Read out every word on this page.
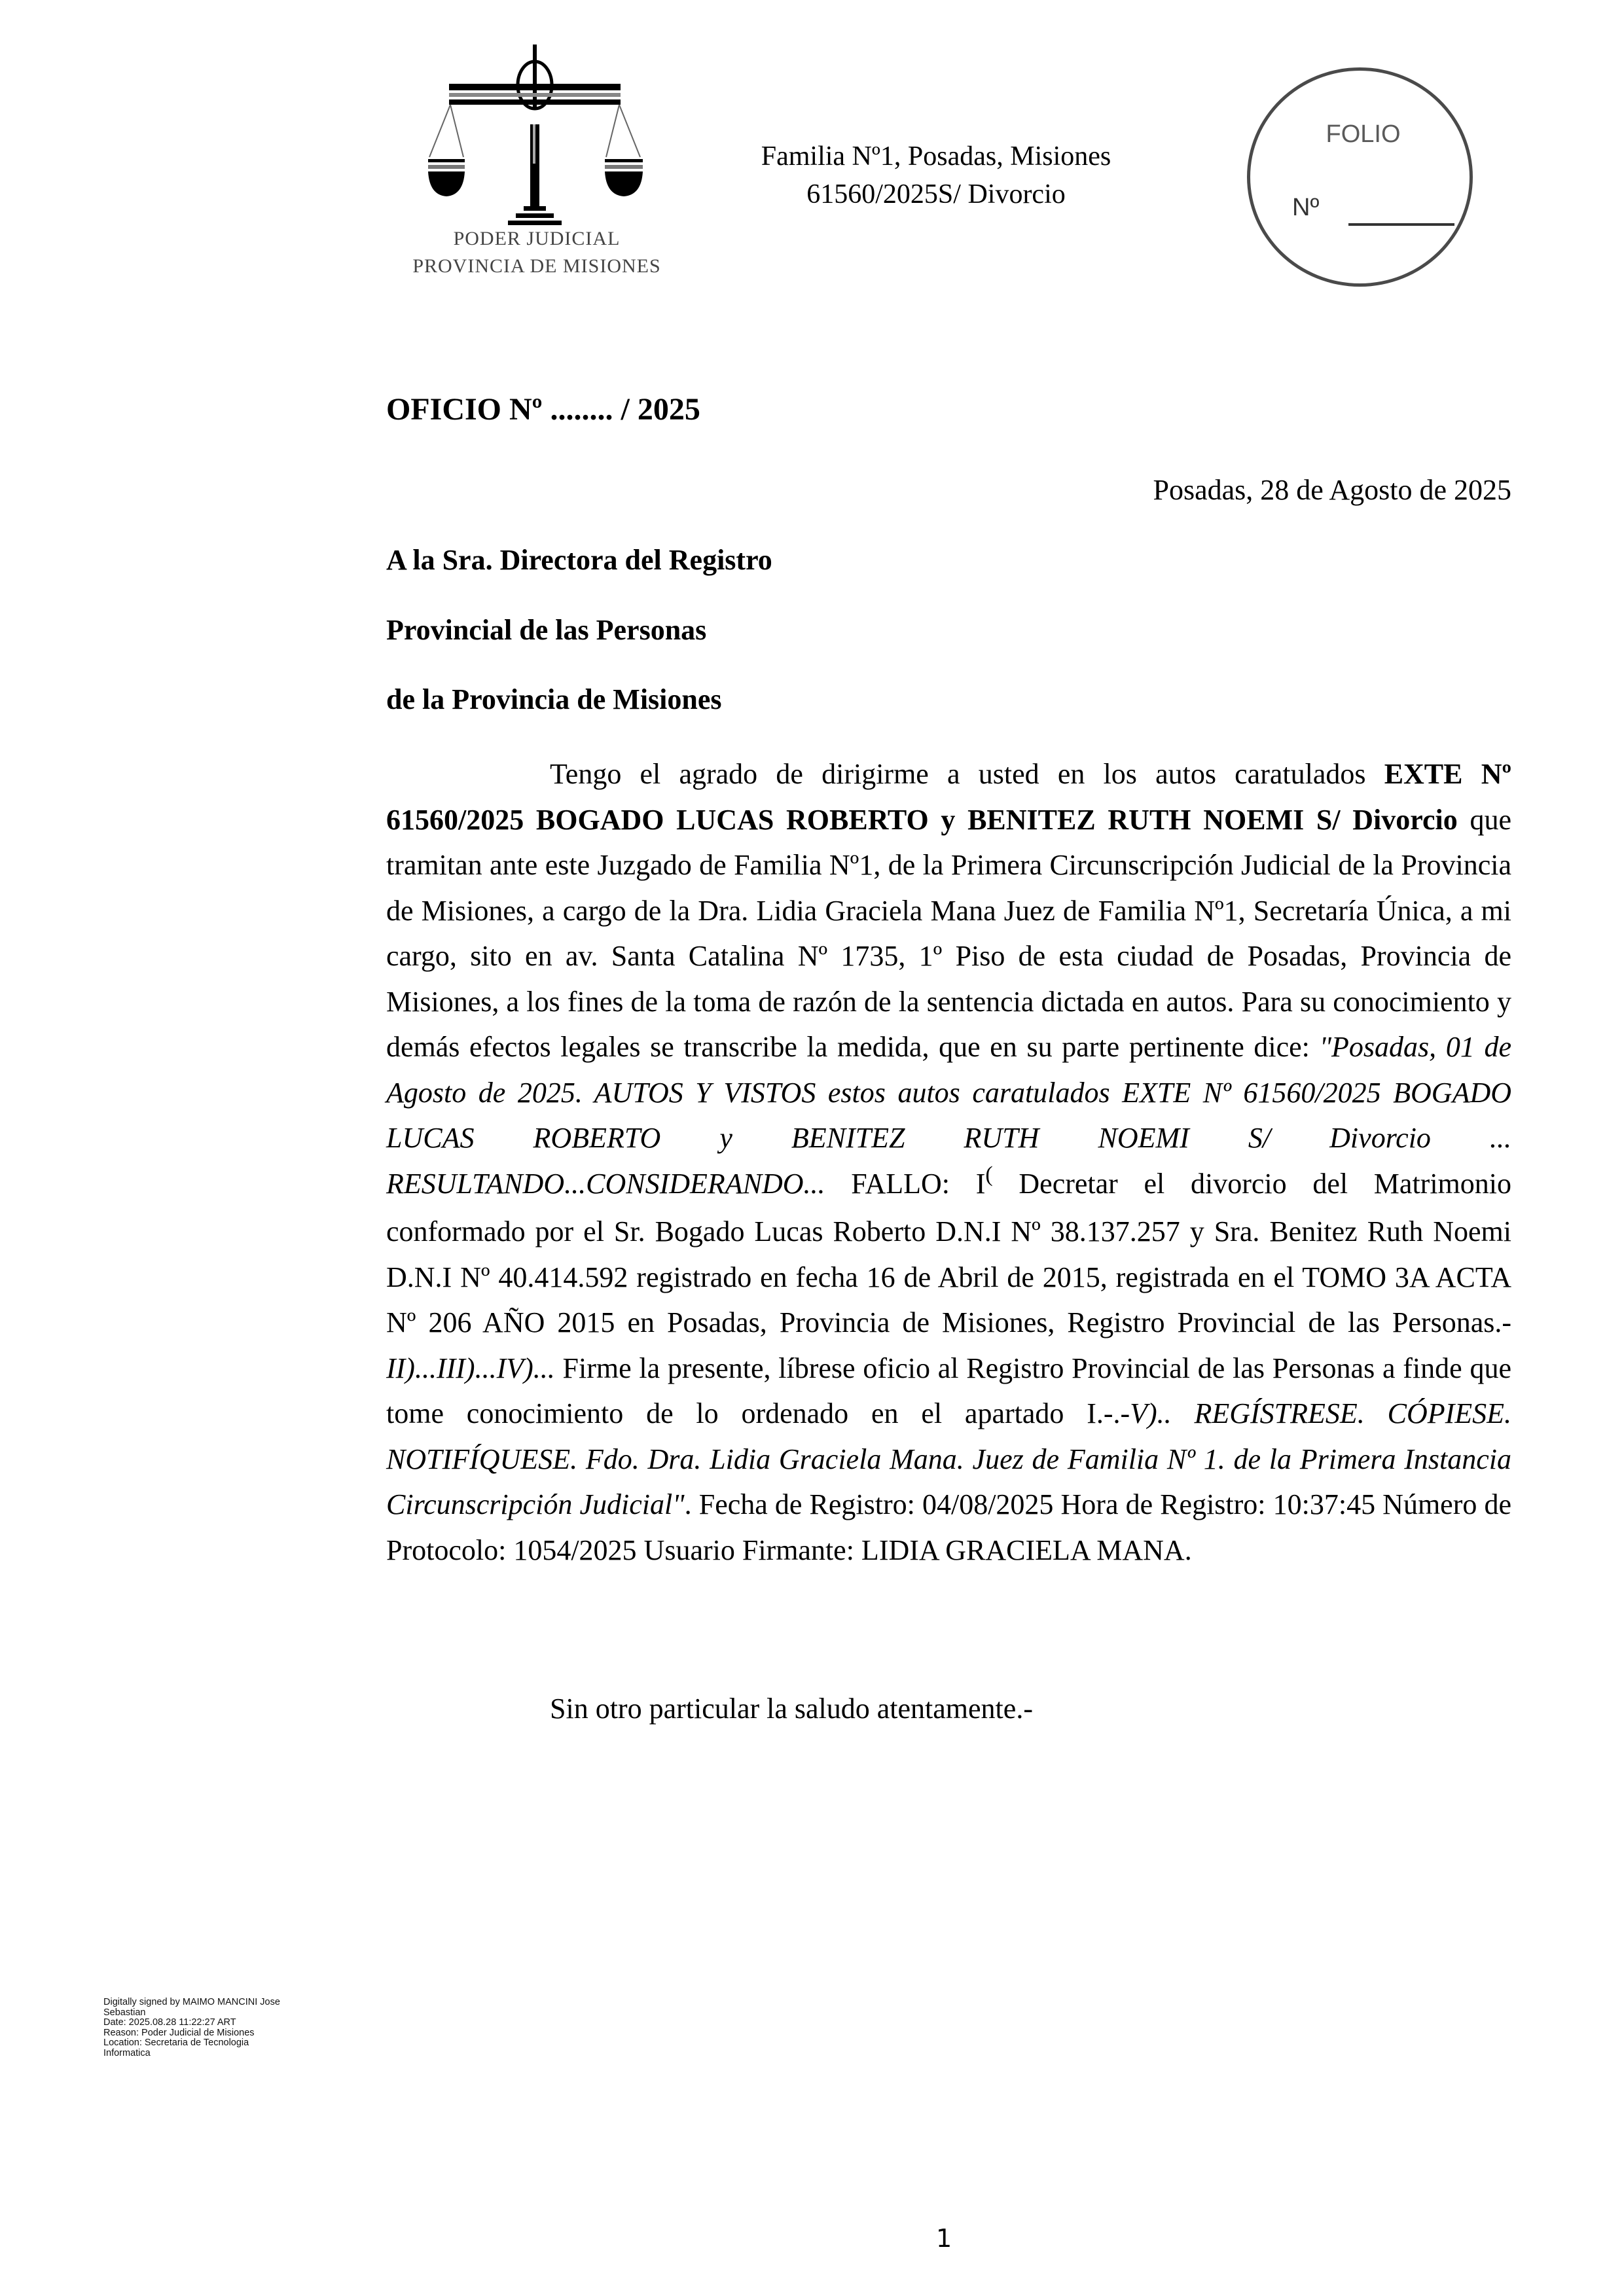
PODER JUDICIAL
PROVINCIA DE MISIONES
Familia Nº1, Posadas, Misiones
61560/2025S/ Divorcio
FOLIO
Nº
OFICIO Nº ........ / 2025
Posadas, 28 de Agosto de 2025
A la Sra. Directora del Registro
Provincial de las Personas
de la Provincia de Misiones
Tengo el agrado de dirigirme a usted en los autos caratulados EXTE Nº 61560/2025 BOGADO LUCAS ROBERTO y BENITEZ RUTH NOEMI S/ Divorcio que tramitan ante este Juzgado de Familia Nº1, de la Primera Circunscripción Judicial de la Provincia de Misiones, a cargo de la Dra. Lidia Graciela Mana Juez de Familia Nº1, Secretaría Única, a mi cargo, sito en av. Santa Catalina Nº 1735, 1º Piso de esta ciudad de Posadas, Provincia de Misiones, a los fines de la toma de razón de la sentencia dictada en autos. Para su conocimiento y demás efectos legales se transcribe la medida, que en su parte pertinente dice: "Posadas, 01 de Agosto de 2025. AUTOS Y VISTOS estos autos caratulados EXTE Nº 61560/2025 BOGADO LUCAS ROBERTO y BENITEZ RUTH NOEMI S/ Divorcio ... RESULTANDO...CONSIDERANDO... FALLO: I( Decretar el divorcio del Matrimonio conformado por el Sr. Bogado Lucas Roberto D.N.I Nº 38.137.257 y Sra. Benitez Ruth Noemi D.N.I Nº 40.414.592 registrado en fecha 16 de Abril de 2015, registrada en el TOMO 3A ACTA Nº 206 AÑO 2015 en Posadas, Provincia de Misiones, Registro Provincial de las Personas.- II)...III)...IV)... Firme la presente, líbrese oficio al Registro Provincial de las Personas a finde que tome conocimiento de lo ordenado en el apartado I.-.-V).. REGÍSTRESE. CÓPIESE. NOTIFÍQUESE. Fdo. Dra. Lidia Graciela Mana. Juez de Familia Nº 1. de la Primera Instancia Circunscripción Judicial". Fecha de Registro: 04/08/2025 Hora de Registro: 10:37:45 Número de Protocolo: 1054/2025 Usuario Firmante: LIDIA GRACIELA MANA.
Sin otro particular la saludo atentamente.-
Digitally signed by MAIMO MANCINI Jose
Sebastian
Date: 2025.08.28 11:22:27 ART
Reason: Poder Judicial de Misiones
Location: Secretaria de Tecnologia
Informatica
1
